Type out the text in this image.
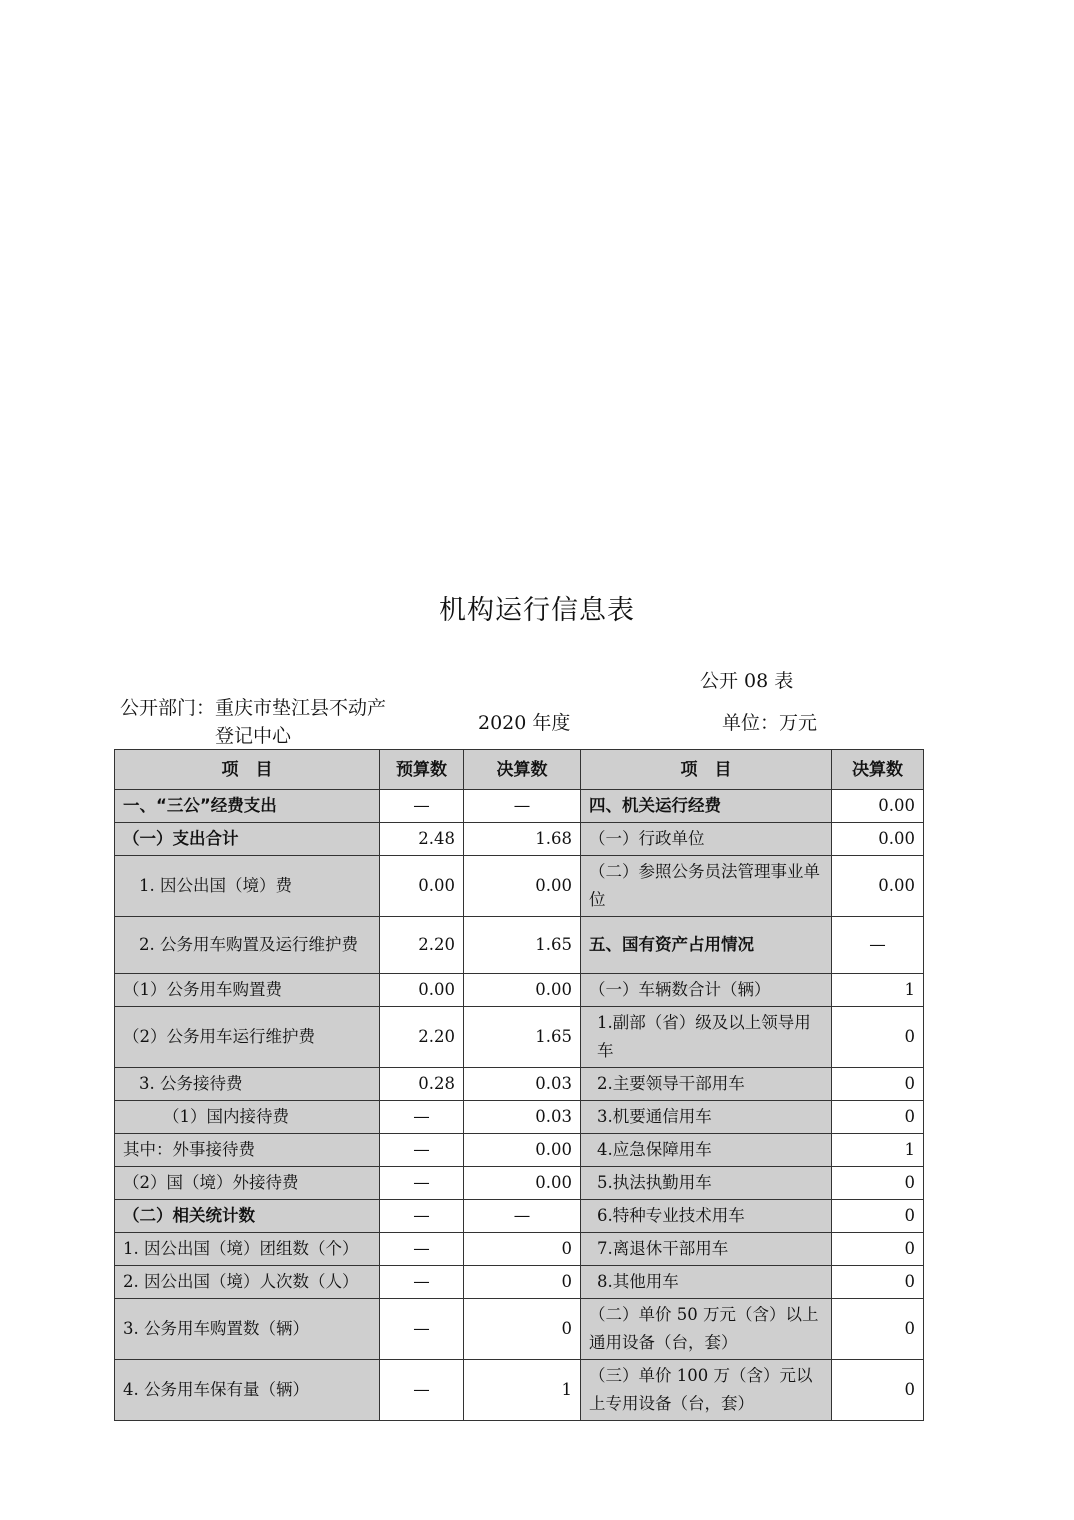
机构运行信息表
公开 08 表
公开部门：重庆市垫江县不动产登记中心
2020 年度	单位：万元
项　目	预算数	决算数	项　目	决算数
一、“三公”经费支出	—	—	四、机关运行经费	0.00
（一）支出合计	2.48	1.68	（一）行政单位	0.00
1. 因公出国（境）费	0.00	0.00	（二）参照公务员法管理事业单位	0.00
2. 公务用车购置及运行维护费	2.20	1.65	五、国有资产占用情况	—
（1）公务用车购置费	0.00	0.00	（一）车辆数合计（辆）	1
（2）公务用车运行维护费	2.20	1.65	1.副部（省）级及以上领导用车	0
3. 公务接待费	0.28	0.03	2.主要领导干部用车	0
（1）国内接待费	—	0.03	3.机要通信用车	0
其中：外事接待费	—	0.00	4.应急保障用车	1
（2）国（境）外接待费	—	0.00	5.执法执勤用车	0
（二）相关统计数	—	—	6.特种专业技术用车	0
1. 因公出国（境）团组数（个）	—	0	7.离退休干部用车	0
2. 因公出国（境）人次数（人）	—	0	8.其他用车	0
3. 公务用车购置数（辆）	—	0	（二）单价 50 万元（含）以上通用设备（台，套）	0
4. 公务用车保有量（辆）	—	1	（三）单价 100 万（含）元以上专用设备（台，套）	0
